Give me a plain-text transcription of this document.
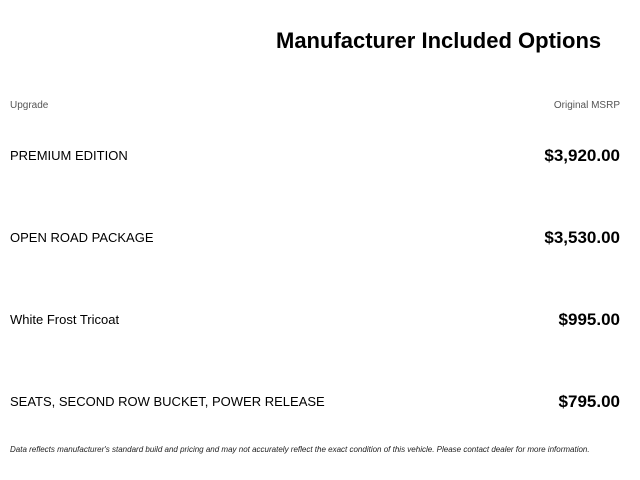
Manufacturer Included Options
Upgrade	Original MSRP
PREMIUM EDITION	$3,920.00
OPEN ROAD PACKAGE	$3,530.00
White Frost Tricoat	$995.00
SEATS, SECOND ROW BUCKET, POWER RELEASE	$795.00
Data reflects manufacturer's standard build and pricing and may not accurately reflect the exact condition of this vehicle. Please contact dealer for more information.
